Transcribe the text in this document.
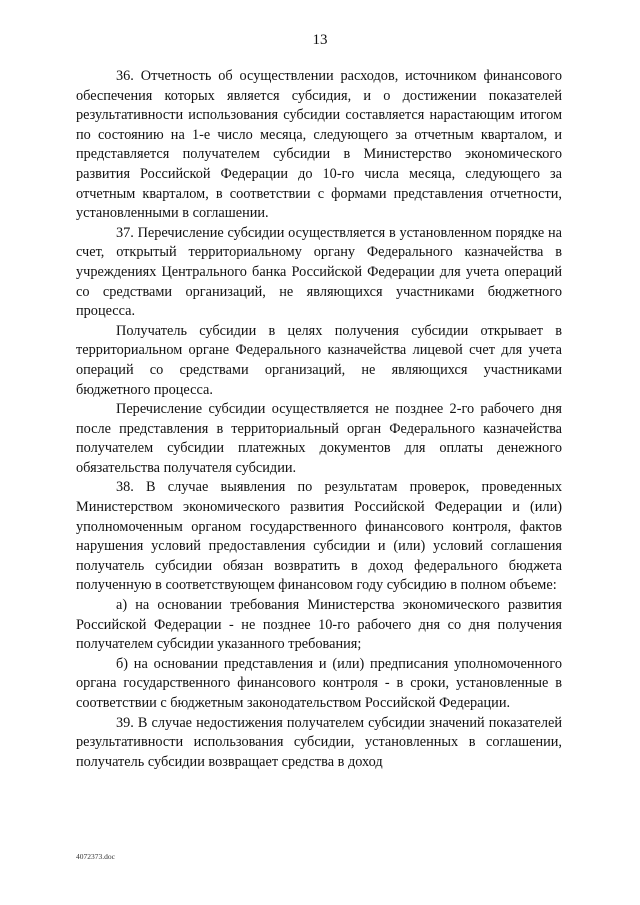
13

36. Отчетность об осуществлении расходов, источником финансового обеспечения которых является субсидия, и о достижении показателей результативности использования субсидии составляется нарастающим итогом по состоянию на 1-е число месяца, следующего за отчетным кварталом, и представляется получателем субсидии в Министерство экономического развития Российской Федерации до 10-го числа месяца, следующего за отчетным кварталом, в соответствии с формами представления отчетности, установленными в соглашении.

37. Перечисление субсидии осуществляется в установленном порядке на счет, открытый территориальному органу Федерального казначейства в учреждениях Центрального банка Российской Федерации для учета операций со средствами организаций, не являющихся участниками бюджетного процесса.

Получатель субсидии в целях получения субсидии открывает в территориальном органе Федерального казначейства лицевой счет для учета операций со средствами организаций, не являющихся участниками бюджетного процесса.

Перечисление субсидии осуществляется не позднее 2-го рабочего дня после представления в территориальный орган Федерального казначейства получателем субсидии платежных документов для оплаты денежного обязательства получателя субсидии.

38. В случае выявления по результатам проверок, проведенных Министерством экономического развития Российской Федерации и (или) уполномоченным органом государственного финансового контроля, фактов нарушения условий предоставления субсидии и (или) условий соглашения получатель субсидии обязан возвратить в доход федерального бюджета полученную в соответствующем финансовом году субсидию в полном объеме:

а) на основании требования Министерства экономического развития Российской Федерации - не позднее 10-го рабочего дня со дня получения получателем субсидии указанного требования;

б) на основании представления и (или) предписания уполномоченного органа государственного финансового контроля - в сроки, установленные в соответствии с бюджетным законодательством Российской Федерации.

39. В случае недостижения получателем субсидии значений показателей результативности использования субсидии, установленных в соглашении, получатель субсидии возвращает средства в доход

4072373.doc
